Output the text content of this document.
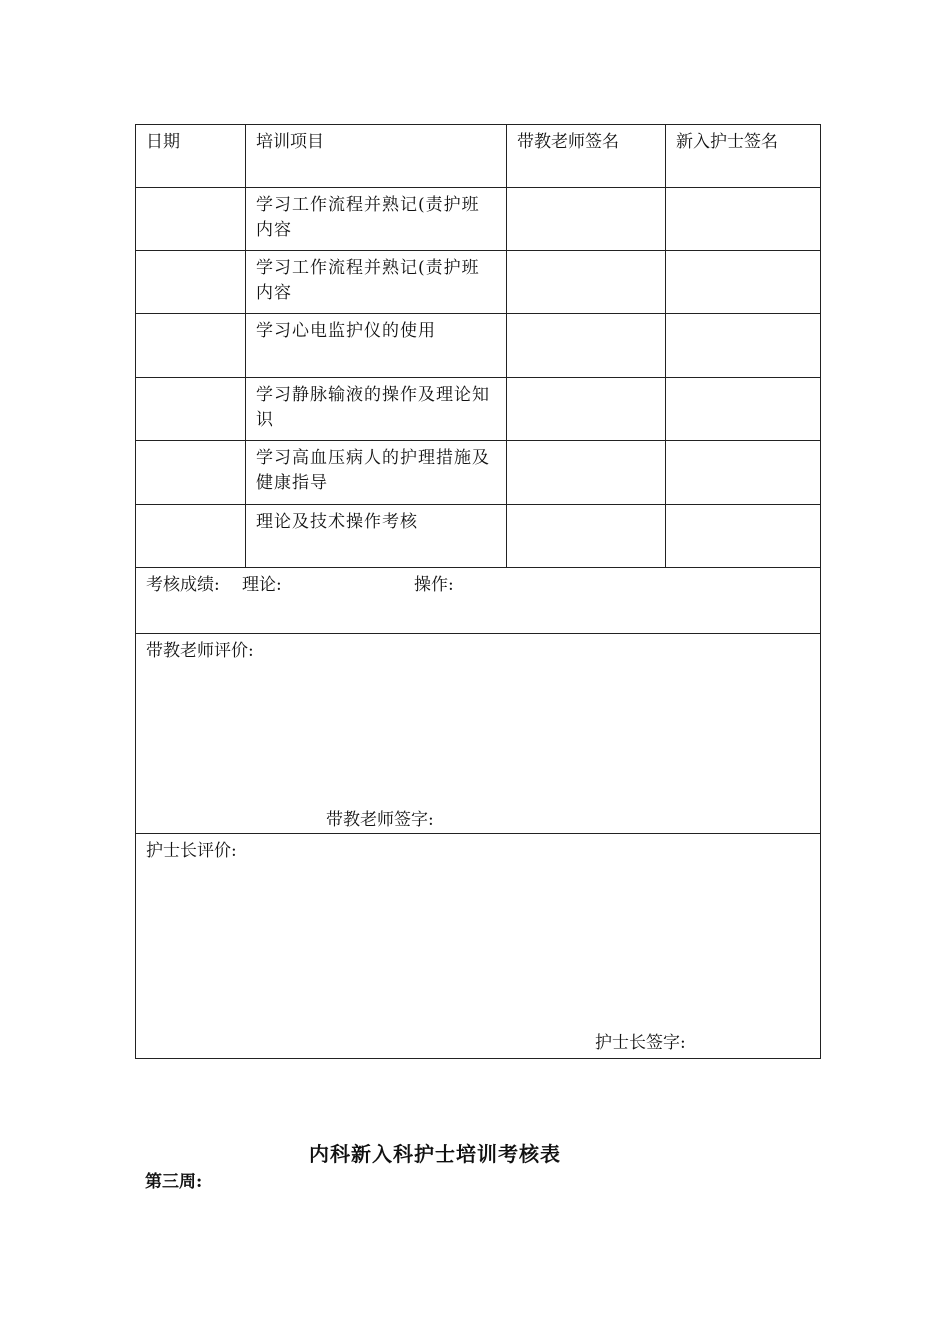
日期	培训项目	带教老师签名	新入护士签名
	学习工作流程并熟记(责护班内容		
	学习工作流程并熟记(责护班内容		
	学习心电监护仪的使用		
	学习静脉输液的操作及理论知识		
	学习高血压病人的护理措施及健康指导		
	理论及技术操作考核		

考核成绩: 理论: 操作:			

带教老师评价:
带教老师签字:			

护士长评价:
护士长签字:			
内科新入科护士培训考核表
第三周:
